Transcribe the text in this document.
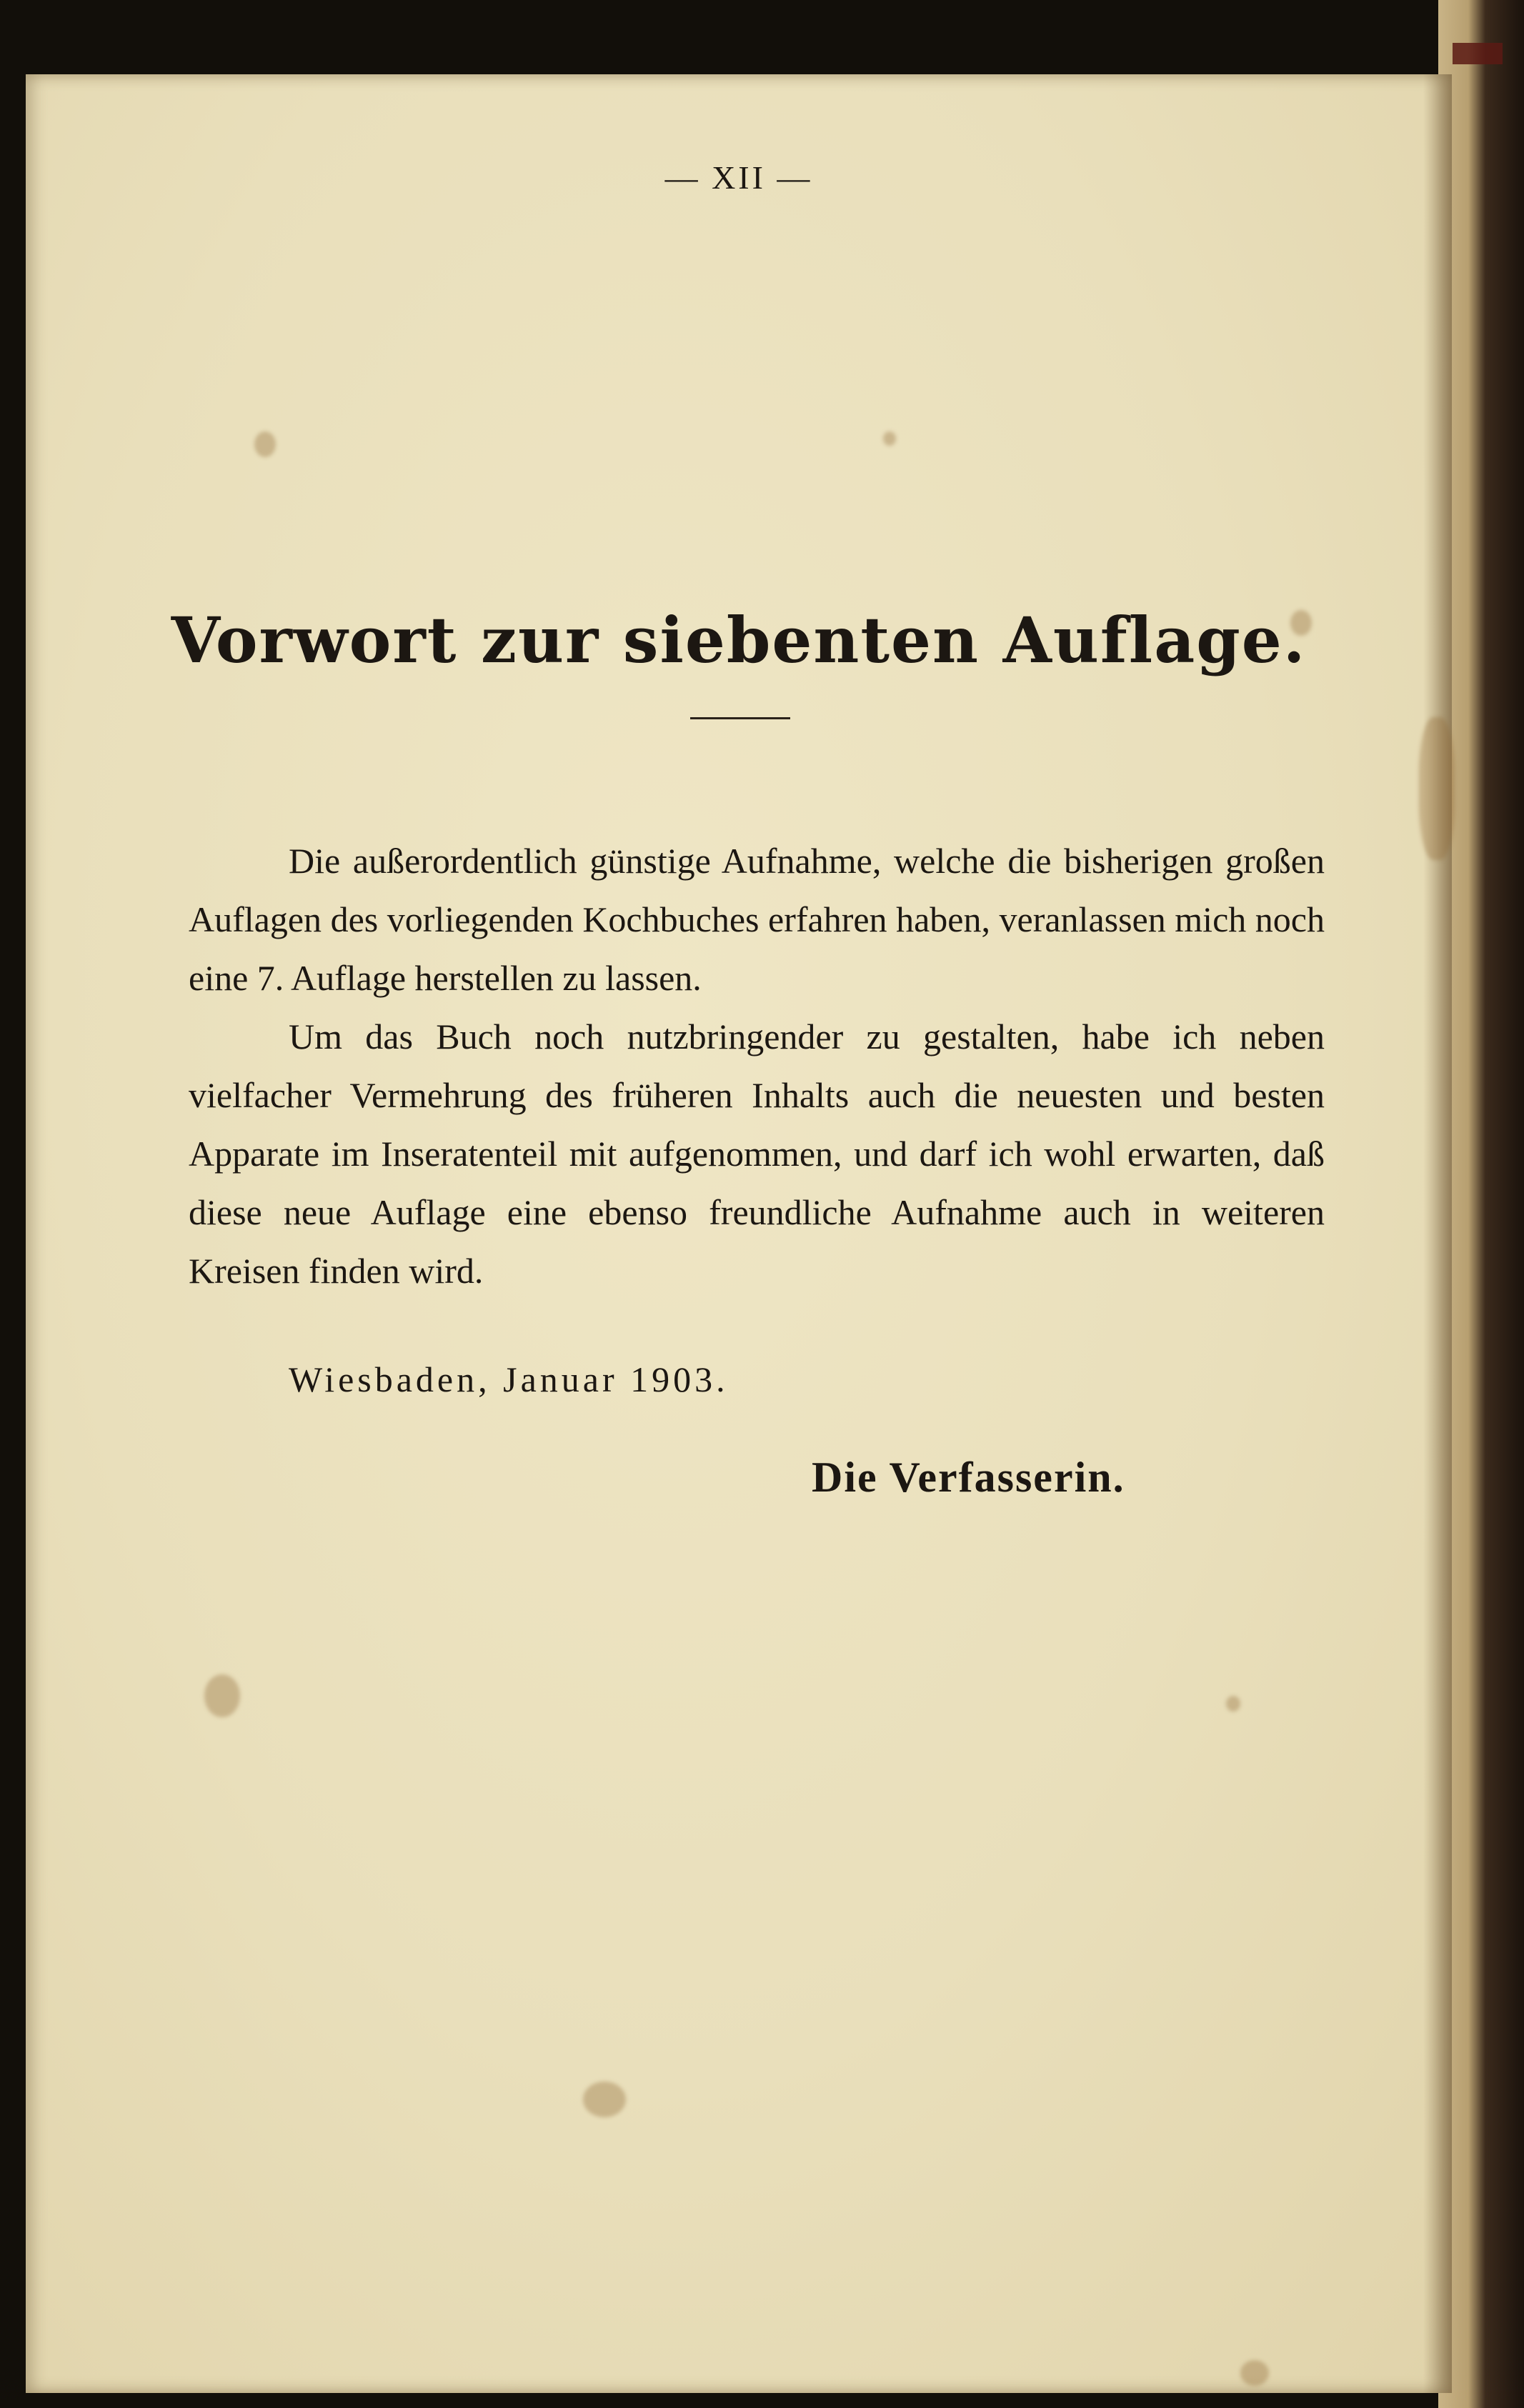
— XII —
Vorwort zur siebenten Auflage.
Die außerordentlich günstige Aufnahme, welche die bisherigen großen Auflagen des vorliegenden Kochbuches erfahren haben, veranlassen mich noch eine 7. Auflage herstellen zu lassen.
Um das Buch noch nutzbringender zu gestalten, habe ich neben vielfacher Vermehrung des früheren Inhalts auch die neuesten und besten Apparate im Inseratenteil mit aufgenommen, und darf ich wohl erwarten, daß diese neue Auflage eine ebenso freundliche Aufnahme auch in weiteren Kreisen finden wird.
Wiesbaden, Januar 1903.
Die Verfasserin.
